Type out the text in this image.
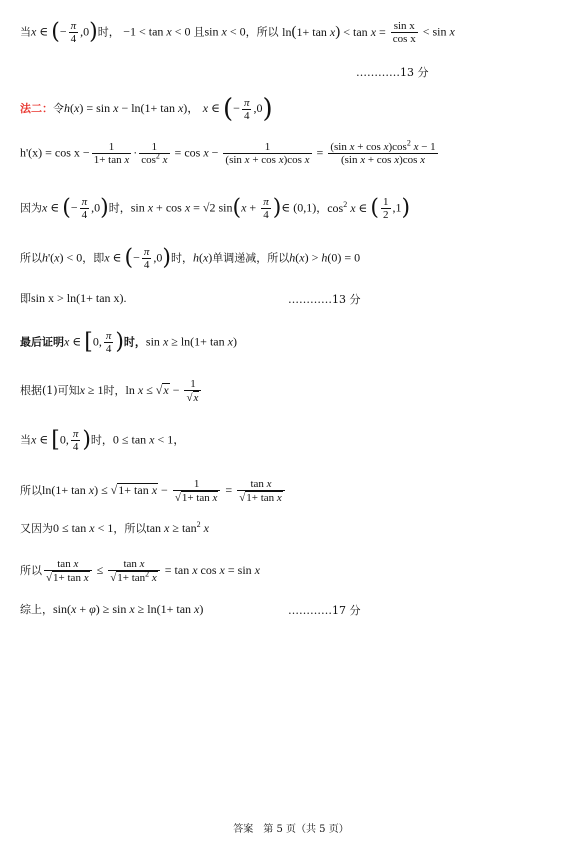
当x ∈ (− $\frac{\pi}{4} ,0$)时， −1 < tan x < 0 且sin x < 0，所以 $\ln(1+ \tan x) < \tan x = \frac{\text{sin x}}{\text{cos x}} < \sin x$
…………13 分
法二：令h(x) = sin x − ln(1+ tan x)， x ∈ (− $\frac{\pi}{4} ,0$)
$h'(x) = \cos x - \frac{1}{\text{1+ tan x}} \cdot \frac{1}{\cos^2 x} = \cos x - \frac{1}{\text{(sin x + cos x)cos x}} = \frac{(\sin x + \cos x)\cos^2 x - 1}{\text{(sin x + cos x)cos x}}$
因为x ∈ (− $\frac{\pi}{4} ,0$)时，sin x + cos x = √2 $\sin(x + \frac{\pi}{4}$ )∈ (0,1)，$\cos^2 x$ ∈ ( $\frac{1}{2} ,1$)
所以h'(x) < 0，即x ∈ (− $\frac{\pi}{4} ,0$)时，h(x)单调递减，所以h(x) > h(0) = 0
即sin x > ln(1+ tan x).	…………13 分
最后证明x ∈ [0, $\frac{\pi}{4}$ )时，sin x ≥ ln(1+ tan x)
根据(1)可知x ≥ 1时，$\ln x \le √x - \frac{1}{√x}$
当x ∈ [0, $\frac{\pi}{4}$ )时，0 ≤ tan x < 1，
所以$\ln(1+ \tan x) \le √1+ \tan x - \frac{1}{\text{√1+ tan x}} = \frac{\text{tan x}}{\text{√1+ tan x}}$
又因为0 ≤ tan x < 1，所以$\tan x \ge \tan^2 x$
所以 $\frac{\text{tan x}}{\text{√1+ tan x}} \le \frac{\text{tan x}}{√1+ \tan^2 x} = \tan x$ cos x = sin x
综上，sin(x + φ) ≥ sin x ≥ ln(1+ tan x)	…………17 分
答案　第 5 页（共 5 页）
